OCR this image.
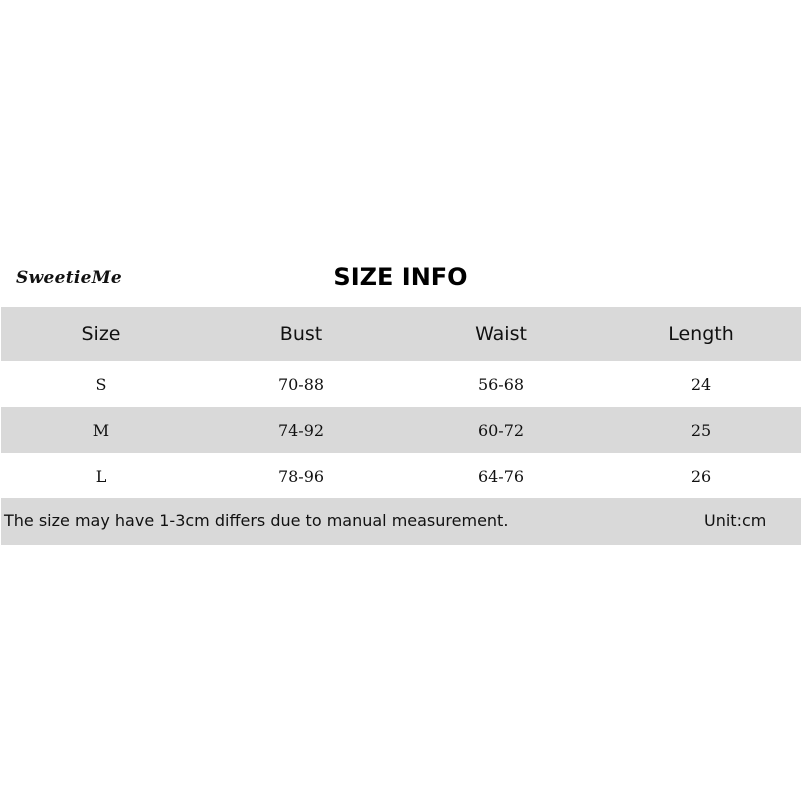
SweetieMe	SIZE INFO
Size	Bust	Waist	Length
S	70-88	56-68	24
M	74-92	60-72	25
L	78-96	64-76	26
The size may have 1-3cm differs due to manual measurement.	Unit:cm
